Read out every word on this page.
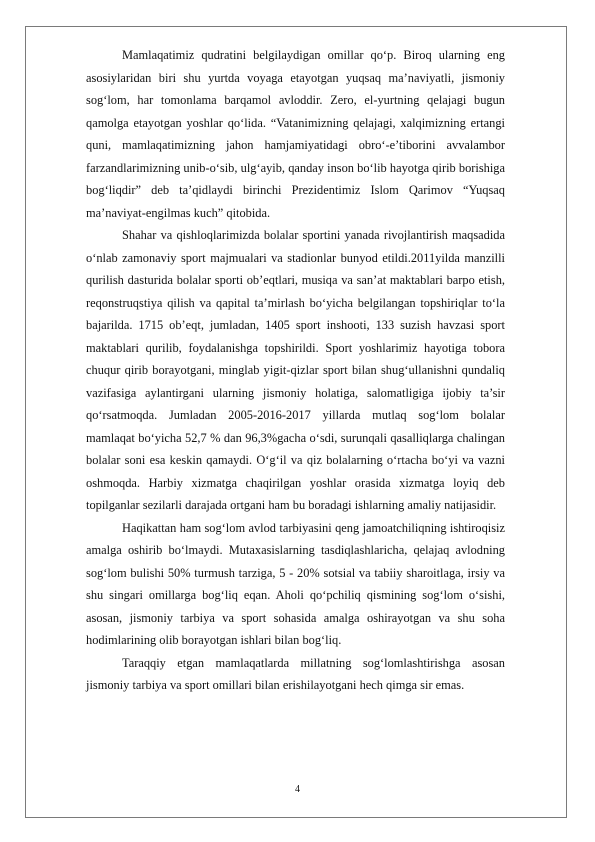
Mamlaqatimiz qudratini belgilaydigan omillar qo‘p. Biroq ularning eng asosiylaridan biri shu yurtda voyaga etayotgan yuqsaq ma’naviyatli, jismoniy sog‘lom, har tomonlama barqamol avloddir. Zero, el-yurtning qelajagi bugun qamolga etayotgan yoshlar qo‘lida. “Vatanimizning qelajagi, xalqimizning ertangi quni, mamlaqatimizning jahon hamjamiyatidagi obro‘-e’tiborini avvalambor farzandlarimizning unib-o‘sib, ulg‘ayib, qanday inson bo‘lib hayotga qirib borishiga bog‘liqdir” deb ta’qidlaydi birinchi Prezidentimiz Islom Qarimov “Yuqsaq ma’naviyat-engilmas kuch” qitobida.

Shahar va qishloqlarimizda bolalar sportini yanada rivojlantirish maqsadida o‘nlab zamonaviy sport majmualari va stadionlar bunyod etildi.2011yilda manzilli qurilish dasturida bolalar sporti ob’eqtlari, musiqa va san’at maktablari barpo etish, reqonstruqstiya qilish va qapital ta’mirlash bo‘yicha belgilangan topshiriqlar to‘la bajarilda. 1715 ob’eqt, jumladan, 1405 sport inshooti, 133 suzish havzasi sport maktablari qurilib, foydalanishga topshirildi. Sport yoshlarimiz hayotiga tobora chuqur qirib borayotgani, minglab yigit-qizlar sport bilan shug‘ullanishni qundaliq vazifasiga aylantirgani ularning jismoniy holatiga, salomatligiga ijobiy ta’sir qo‘rsatmoqda. Jumladan 2005-2016-2017 yillarda mutlaq sog‘lom bolalar mamlaqat bo‘yicha 52,7 % dan 96,3%gacha o‘sdi, surunqali qasalliqlarga chalingan bolalar soni esa keskin qamaydi. O‘g‘il va qiz bolalarning o‘rtacha bo‘yi va vazni oshmoqda. Harbiy xizmatga chaqirilgan yoshlar orasida xizmatga loyiq deb topilganlar sezilarli darajada ortgani ham bu boradagi ishlarning amaliy natijasidir.

Haqikattan ham sog‘lom avlod tarbiyasini qeng jamoatchiliqning ishtiroqisiz amalga oshirib bo‘lmaydi. Mutaxasislarning tasdiqlashlaricha, qelajaq avlodning sog‘lom bulishi 50% turmush tarziga, 5 - 20% sotsial va tabiiy sharoitlaga, irsiy va shu singari omillarga bog‘liq eqan. Aholi qo‘pchiliq qismining sog‘lom o‘sishi, asosan, jismoniy tarbiya va sport sohasida amalga oshirayotgan va shu soha hodimlarining olib borayotgan ishlari bilan bog‘liq.

Taraqqiy etgan mamlaqatlarda millatning sog‘lomlashtirishga asosan jismoniy tarbiya va sport omillari bilan erishilayotgani hech qimga sir emas.

4
